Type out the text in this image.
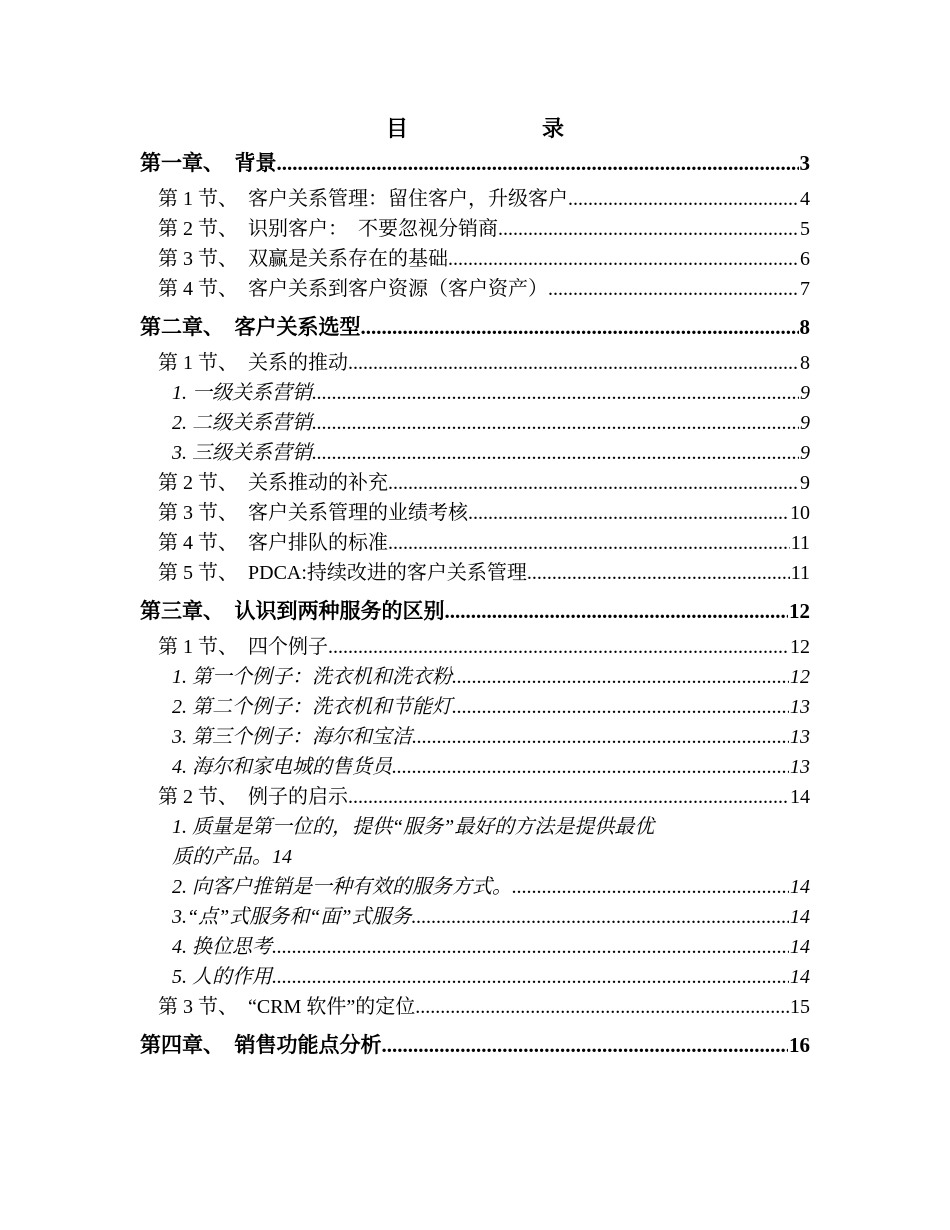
目　　录
第一章、　背景 .....	3
第 1 节、　客户关系管理：留住客户，升级客户 .....	4
第 2 节、　识别客户：　不要忽视分销商 .....	5
第 3 节、　双赢是关系存在的基础 .....	6
第 4 节、　客户关系到客户资源（客户资产） .....	7
第二章、　客户关系选型 .....	8
第 1 节、　关系的推动 .....	8
1. 一级关系营销 .....	9
2. 二级关系营销 .....	9
3. 三级关系营销 .....	9
第 2 节、　关系推动的补充 .....	9
第 3 节、　客户关系管理的业绩考核 .....	10
第 4 节、　客户排队的标准 .....	11
第 5 节、　PDCA:持续改进的客户关系管理 .....	11
第三章、　认识到两种服务的区别 .....	12
第 1 节、　四个例子 .....	12
1. 第一个例子：洗衣机和洗衣粉 .....	12
2. 第二个例子：洗衣机和节能灯 .....	13
3. 第三个例子：海尔和宝洁 .....	13
4. 海尔和家电城的售货员 .....	13
第 2 节、　例子的启示 .....	14
1. 质量是第一位的，提供“服务”最好的方法是提供最优
质的产品。 14
2. 向客户推销是一种有效的服务方式。 .....	14
3.“点”式服务和“面”式服务 .....	14
4. 换位思考 .....	14
5. 人的作用 .....	14
第 3 节、　“CRM 软件”的定位 .....	15
第四章、　销售功能点分析 .....	16
